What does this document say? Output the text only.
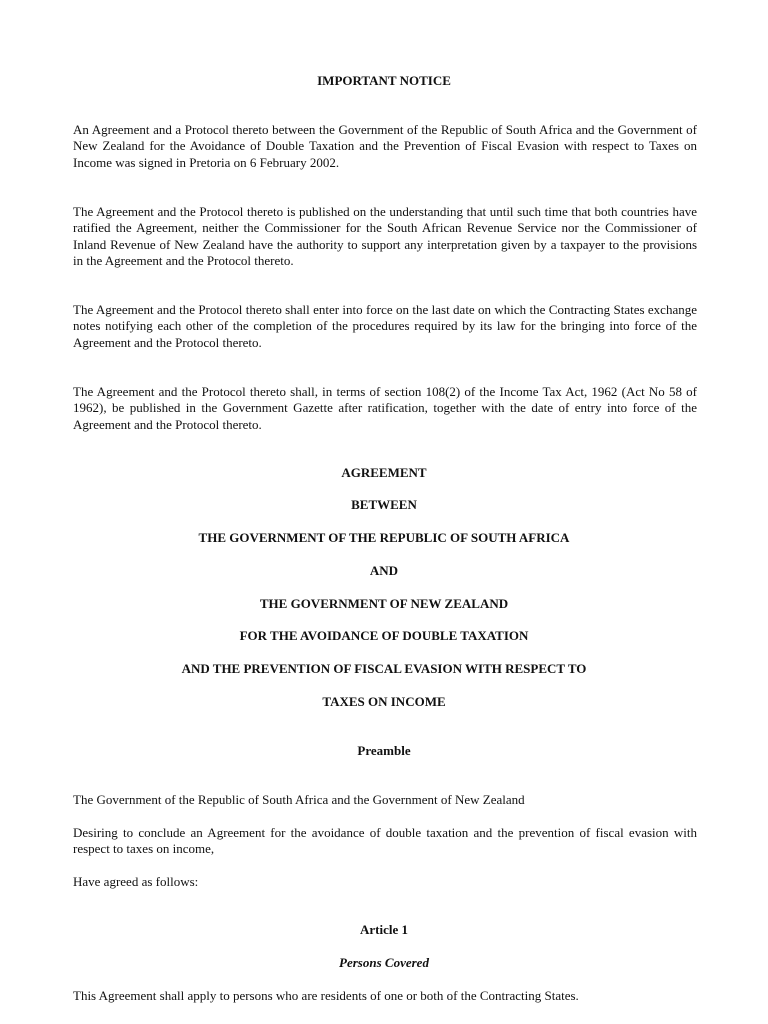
IMPORTANT NOTICE
An Agreement and a Protocol thereto between the Government of the Republic of South Africa and the Government of New Zealand for the Avoidance of Double Taxation and the Prevention of Fiscal Evasion with respect to Taxes on Income was signed in Pretoria on 6 February 2002.
The Agreement and the Protocol thereto is published on the understanding that until such time that both countries have ratified the Agreement, neither the Commissioner for the South African Revenue Service nor the Commissioner of Inland Revenue of New Zealand have the authority to support any interpretation given by a taxpayer to the provisions in the Agreement and the Protocol thereto.
The Agreement and the Protocol thereto shall enter into force on the last date on which the Contracting States exchange notes notifying each other of the completion of the procedures required by its law for the bringing into force of the Agreement and the Protocol thereto.
The Agreement and the Protocol thereto shall, in terms of section 108(2) of the Income Tax Act, 1962 (Act No 58 of 1962), be published in the Government Gazette after ratification, together with the date of entry into force of the Agreement and the Protocol thereto.
AGREEMENT
BETWEEN
THE GOVERNMENT OF THE REPUBLIC OF SOUTH AFRICA
AND
THE GOVERNMENT OF NEW ZEALAND
FOR THE AVOIDANCE OF DOUBLE TAXATION
AND THE PREVENTION OF FISCAL EVASION WITH RESPECT TO
TAXES ON INCOME
Preamble
The Government of the Republic of South Africa and the Government of New Zealand
Desiring to conclude an Agreement for the avoidance of double taxation and the prevention of fiscal evasion with respect to taxes on income,
Have agreed as follows:
Article 1
Persons Covered
This Agreement shall apply to persons who are residents of one or both of the Contracting States.
